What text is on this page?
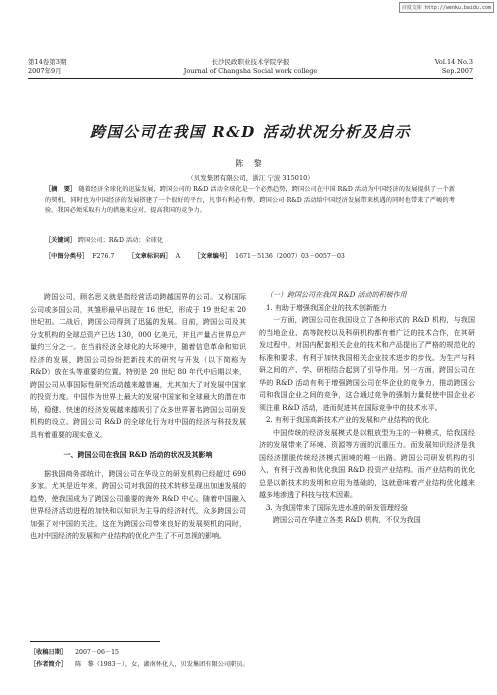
百度文库 http://wenku.baidu.com
第14卷第3期
2007年9月
长沙民政职业技术学院学报
Journal of Changsha Social work college
Vol.14 No.3
Sep.2007
跨国公司在我国 R&D 活动状况分析及启示
陈 黎
（贝发集团有限公司，浙江 宁波 315010）
［摘　要］ 随着经济全球化的迅猛发展，跨国公司的 R&D 活动全球化是一个必然趋势，跨国公司在中国 R&D 活动为中国经济的发展提供了一个新的契机，同时也为中国经济的发展搭建了一个很好的平台，凡事有利必有弊，跨国公司 R&D 活动给中国经济发展带来机遇的同时也带来了严峻的考验。我国必须采取有力的措施来应对，提高我国的竞争力。
［关键词］ 跨国公司；R&D 活动；全球化
［中图分类号］ F276.7 ［文章标识码］ A ［文章编号］ 1671－5136（2007）03－0057－03

跨国公司，顾名思义就是指经营活动跨越国界的公司。又称国际公司或多国公司，其雏形最早出现在 16 世纪，形成于 19 世纪末 20 世纪初。二战后，跨国公司得到了迅猛的发展。目前，跨国公司及其分支机构的全球总资产已达 130，000 亿美元，并且产量占世界总产量约三分之一。在当前经济全球化的大环境中，随着信息革命和知识经济的发展，跨国公司纷纷把新技术的研究与开发（以下简称为 R&D）放在头等重要的位置。特别是 20 世纪 80 年代中后期以来，跨国公司从事国际性研究活动越来越普遍，尤其加大了对发展中国家的投资力度。中国作为世界上最大的发展中国家和全球最大的潜在市场，稳健、快速的经济发展越来越吸引了众多世界著名跨国公司研发机构的设立。跨国公司 R&D 的全球化行为对中国的经济与科技发展具有着重要的现实意义。

一、跨国公司在我国 R&D 活动的状况及其影响

据我国商务部统计，跨国公司在华设立的研发机构已经超过 690 多家。尤其是近年来，跨国公司对我国的技术转移呈现出加速发展的趋势，使我国成为了跨国公司重要的海外 R&D 中心。随着中国融入世界经济活动进程的加快和以知识为主导的经济时代，众多跨国公司加强了对中国的关注。这在为跨国公司带来良好的发展契机的同时，也对中国经济的发展和产业结构的优化产生了不可忽视的影响。

（一）跨国公司在我国 R&D 活动的积极作用
1. 有助于增强我国企业的技术创新能力

一方面，跨国公司在我国设立了各种形式的 R&D 机构，与我国的当地企业、高等院校以及科研机构都有着广泛的技术合作，在其研发过程中，对国内配套相关企业的技术和产品提出了严格的规范化的标准和要求，有利于加快我国相关企业技术进步的步伐。为生产与科研之间的产、学、研相结合起到了引导作用。另一方面，跨国公司在华的 R&D 活动有利于增强跨国公司在华企业的竞争力，推动跨国公司和我国企业之间的竞争，这合通过竞争的强制力量促使中国企业必须注重 R&D 活动，进而促进其在国际竞争中的技术水平。

2. 有利于我国高新技术产业的发展和产业结构的优化

中国传统的经济发展模式是以粗放型为主的一种模式，给我国经济的发展带来了环境、资源等方面的沉重压力。而发展知识经济是我国经济摆脱传统经济模式困境的唯一出路。跨国公司研发机构的引入，有利于改善和优化我国 R&D 投资产业结构。而产业结构的优化总是以新技术的发明和应用为基础的，这就意味着产业结构优化越来越多地渗透了科技与技术因素。

3. 为我国带来了国际先进水准的研发管理经验

跨国公司在华建立各类 R&D 机构，不仅为我国

［收稿日期］ 2007－06－15
［作者简介］ 陈　黎（1983－），女，湖南怀化人，贝发集团有限公司职员。
